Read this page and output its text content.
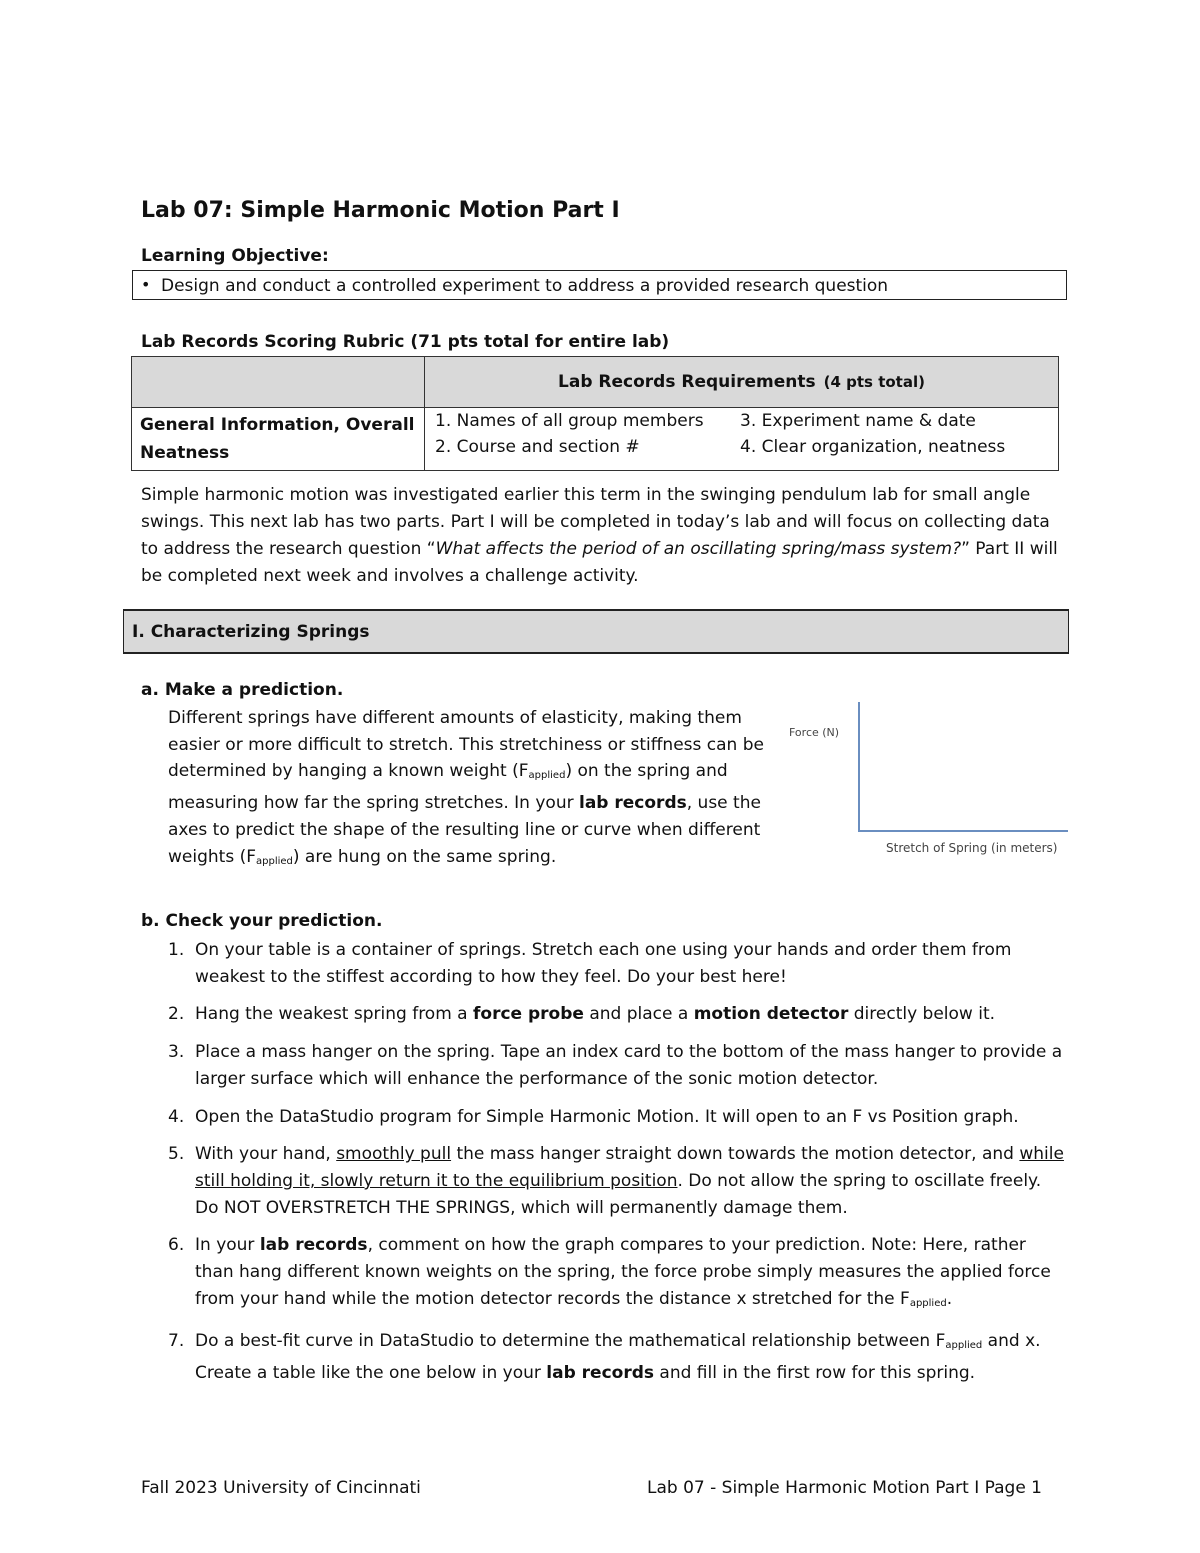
Lab 07: Simple Harmonic Motion Part I
Learning Objective:
• Design and conduct a controlled experiment to address a provided research question
Lab Records Scoring Rubric (71 pts total for entire lab)
	Lab Records Requirements (4 pts total)
General Information, Overall Neatness	1. Names of all group members
2. Course and section #
3. Experiment name & date
4. Clear organization, neatness
Simple harmonic motion was investigated earlier this term in the swinging pendulum lab for small angle swings. This next lab has two parts. Part I will be completed in today’s lab and will focus on collecting data to address the research question “What affects the period of an oscillating spring/mass system?” Part II will be completed next week and involves a challenge activity.
I. Characterizing Springs
a. Make a prediction.
Different springs have different amounts of elasticity, making them easier or more difficult to stretch. This stretchiness or stiffness can be determined by hanging a known weight $(F_{applied})$ on the spring and measuring how far the spring stretches. In your lab records, use the axes to predict the shape of the resulting line or curve when different weights $(F_{applied})$ are hung on the same spring.
Force (N)
Stretch of Spring (in meters)
b. Check your prediction.
1. On your table is a container of springs. Stretch each one using your hands and order them from weakest to the stiffest according to how they feel. Do your best here!
2. Hang the weakest spring from a force probe and place a motion detector directly below it.
3. Place a mass hanger on the spring. Tape an index card to the bottom of the mass hanger to provide a larger surface which will enhance the performance of the sonic motion detector.
4. Open the DataStudio program for Simple Harmonic Motion. It will open to an F vs Position graph.
5. With your hand, smoothly pull the mass hanger straight down towards the motion detector, and while still holding it, slowly return it to the equilibrium position. Do not allow the spring to oscillate freely. Do NOT OVERSTRETCH THE SPRINGS, which will permanently damage them.
6. In your lab records, comment on how the graph compares to your prediction. Note: Here, rather than hang different known weights on the spring, the force probe simply measures the applied force from your hand while the motion detector records the distance x stretched for the $F_{applied}$.
7. Do a best-fit curve in DataStudio to determine the mathematical relationship between $F_{applied}$ and x. Create a table like the one below in your lab records and fill in the first row for this spring.
Fall 2023 University of Cincinnati	Lab 07 - Simple Harmonic Motion Part I Page 1
